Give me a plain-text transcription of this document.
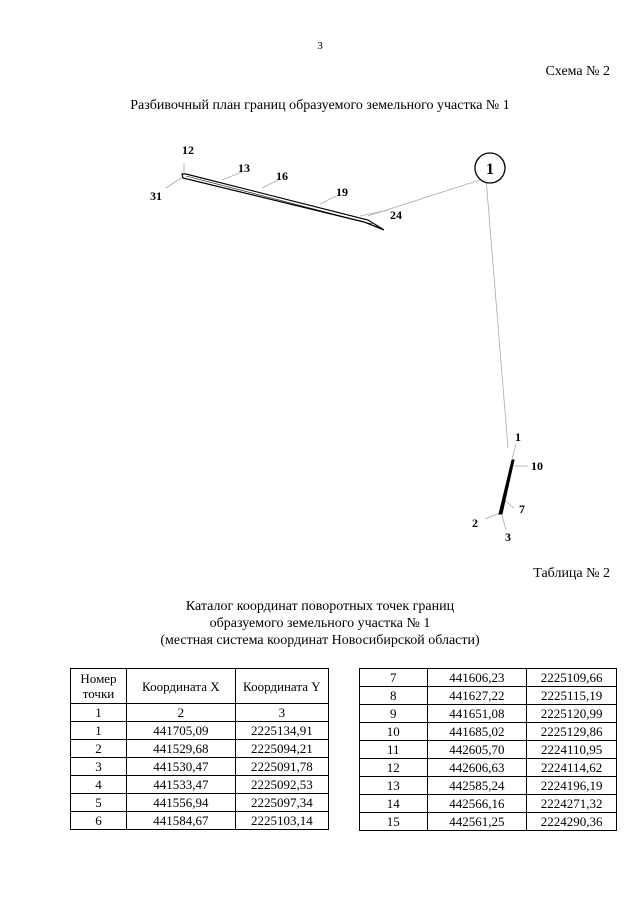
3
Схема № 2
Разбивочный план границ образуемого земельного участка № 1
1
12
13
16
19
24
31
1
10
7
2
3
Таблица № 2
Каталог координат поворотных точек границ
образуемого земельного участка № 1
(местная система координат Новосибирской области)
Номер точки	Координата X	Координата Y
1	2	3
1	441705,09	2225134,91
2	441529,68	2225094,21
3	441530,47	2225091,78
4	441533,47	2225092,53
5	441556,94	2225097,34
6	441584,67	2225103,14
7	441606,23	2225109,66
8	441627,22	2225115,19
9	441651,08	2225120,99
10	441685,02	2225129,86
11	442605,70	2224110,95
12	442606,63	2224114,62
13	442585,24	2224196,19
14	442566,16	2224271,32
15	442561,25	2224290,36
